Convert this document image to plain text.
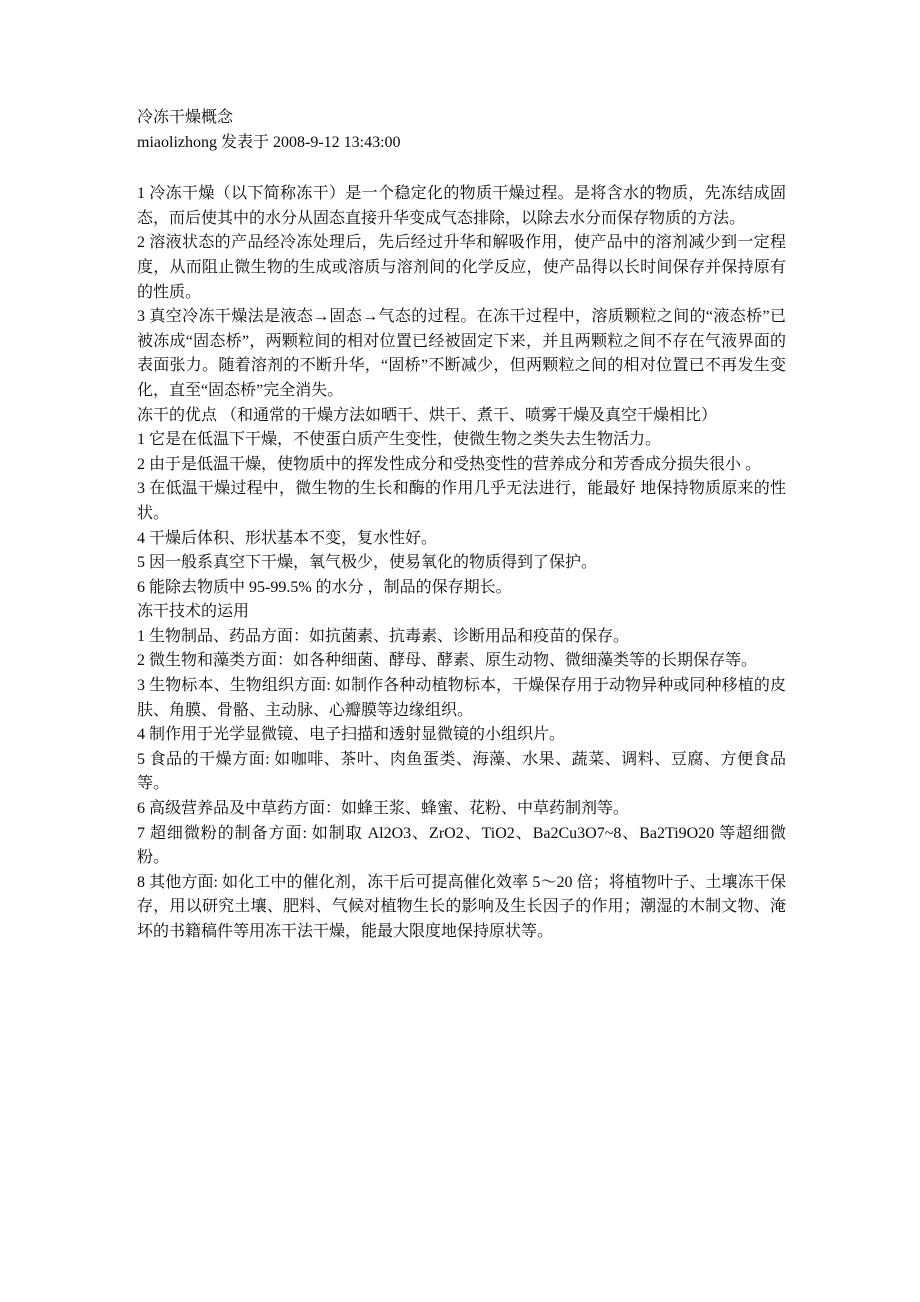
冷冻干燥概念
miaolizhong 发表于 2008-9-12 13:43:00
1 冷冻干燥（以下简称冻干）是一个稳定化的物质干燥过程。是将含水的物质，先冻结成固态，而后使其中的水分从固态直接升华变成气态排除，以除去水分而保存物质的方法。
2 溶液状态的产品经冷冻处理后，先后经过升华和解吸作用，使产品中的溶剂减少到一定程度，从而阻止微生物的生成或溶质与溶剂间的化学反应，使产品得以长时间保存并保持原有的性质。
3 真空冷冻干燥法是液态→固态→气态的过程。在冻干过程中，溶质颗粒之间的“液态桥”已被冻成“固态桥”，两颗粒间的相对位置已经被固定下来，并且两颗粒之间不存在气液界面的表面张力。随着溶剂的不断升华，“固桥”不断减少，但两颗粒之间的相对位置已不再发生变化，直至“固态桥”完全消失。
冻干的优点 （和通常的干燥方法如晒干、烘干、煮干、喷雾干燥及真空干燥相比）
1 它是在低温下干燥，不使蛋白质产生变性，使微生物之类失去生物活力。
2 由于是低温干燥，使物质中的挥发性成分和受热变性的营养成分和芳香成分损失很小 。
3 在低温干燥过程中，微生物的生长和酶的作用几乎无法进行，能最好 地保持物质原来的性状。
4 干燥后体积、形状基本不变，复水性好。
5 因一般系真空下干燥，氧气极少，使易氧化的物质得到了保护。
6 能除去物质中 95-99.5% 的水分 ，制品的保存期长。
冻干技术的运用
1 生物制品、药品方面：如抗菌素、抗毒素、诊断用品和疫苗的保存。
2 微生物和藻类方面：如各种细菌、酵母、酵素、原生动物、微细藻类等的长期保存等。
3 生物标本、生物组织方面: 如制作各种动植物标本，干燥保存用于动物异种或同种移植的皮肤、角膜、骨骼、主动脉、心瓣膜等边缘组织。
4 制作用于光学显微镜、电子扫描和透射显微镜的小组织片。
5 食品的干燥方面: 如咖啡、茶叶、肉鱼蛋类、海藻、水果、蔬菜、调料、豆腐、方便食品等。
6 高级营养品及中草药方面：如蜂王浆、蜂蜜、花粉、中草药制剂等。
7 超细微粉的制备方面: 如制取 Al2O3、ZrO2、TiO2、Ba2Cu3O7~8、Ba2Ti9O20 等超细微粉。
8 其他方面: 如化工中的催化剂，冻干后可提高催化效率 5～20 倍；将植物叶子、土壤冻干保存，用以研究土壤、肥料、气候对植物生长的影响及生长因子的作用；潮湿的木制文物、淹坏的书籍稿件等用冻干法干燥，能最大限度地保持原状等。
